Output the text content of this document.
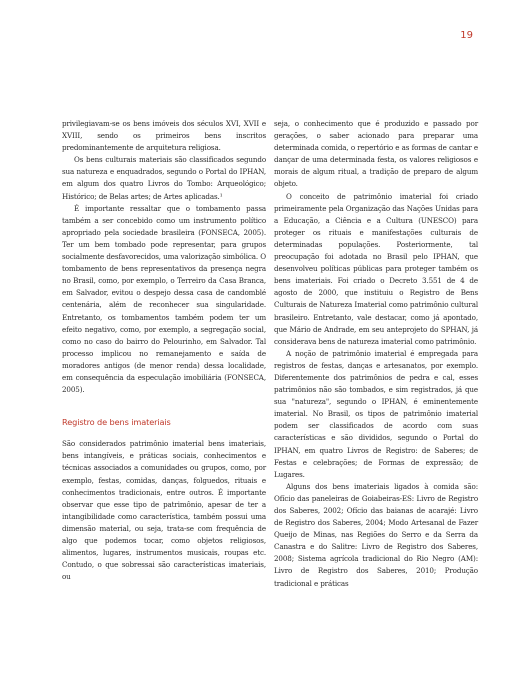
19

privilegiavam-se os bens imóveis dos séculos XVI, XVII e XVIII, sendo os primeiros bens inscritos predominantemente de arquitetura religiosa.

Os bens culturais materiais são classificados segundo sua natureza e enquadrados, segundo o Portal do IPHAN, em algum dos quatro Livros do Tombo: Arqueológico; Histórico; de Belas artes; de Artes aplicadas.¹

É importante ressaltar que o tombamento passa também a ser concebido como um instrumento político apropriado pela sociedade brasileira (FONSECA, 2005). Ter um bem tombado pode representar, para grupos socialmente desfavorecidos, uma valorização simbólica. O tombamento de bens representativos da presença negra no Brasil, como, por exemplo, o Terreiro da Casa Branca, em Salvador, evitou o despejo dessa casa de candomblé centenária, além de reconhecer sua singularidade. Entretanto, os tombamentos também podem ter um efeito negativo, como, por exemplo, a segregação social, como no caso do bairro do Pelourinho, em Salvador. Tal processo implicou no remanejamento e saída de moradores antigos (de menor renda) dessa localidade, em consequência da especulação imobiliária (FONSECA, 2005).

Registro de bens imateriais

São considerados patrimônio imaterial bens imateriais, bens intangíveis, e práticas sociais, conhecimentos e técnicas associados a comunidades ou grupos, como, por exemplo, festas, comidas, danças, folguedos, rituais e conhecimentos tradicionais, entre outros. É importante observar que esse tipo de patrimônio, apesar de ter a intangibilidade como característica, também possui uma dimensão material, ou seja, trata-se com frequência de algo que podemos tocar, como objetos religiosos, alimentos, lugares, instrumentos musicais, roupas etc. Contudo, o que sobressai são características imateriais, ou

seja, o conhecimento que é produzido e passado por gerações, o saber acionado para preparar uma determinada comida, o repertório e as formas de cantar e dançar de uma determinada festa, os valores religiosos e morais de algum ritual, a tradição de preparo de algum objeto.

O conceito de patrimônio imaterial foi criado primeiramente pela Organização das Nações Unidas para a Educação, a Ciência e a Cultura (UNESCO) para proteger os rituais e manifestações culturais de determinadas populações. Posteriormente, tal preocupação foi adotada no Brasil pelo IPHAN, que desenvolveu políticas públicas para proteger também os bens imateriais. Foi criado o Decreto 3.551 de 4 de agosto de 2000, que instituiu o Registro de Bens Culturais de Natureza Imaterial como patrimônio cultural brasileiro. Entretanto, vale destacar, como já apontado, que Mário de Andrade, em seu anteprojeto do SPHAN, já considerava bens de natureza imaterial como patrimônio.

A noção de patrimônio imaterial é empregada para registros de festas, danças e artesanatos, por exemplo. Diferentemente dos patrimônios de pedra e cal, esses patrimônios não são tombados, e sim registrados, já que sua "natureza", segundo o IPHAN, é eminentemente imaterial. No Brasil, os tipos de patrimônio imaterial podem ser classificados de acordo com suas características e são divididos, segundo o Portal do IPHAN, em quatro Livros de Registro: de Saberes; de Festas e celebrações; de Formas de expressão; de Lugares.

Alguns dos bens imateriais ligados à comida são: Ofício das paneleiras de Goiabeiras-ES: Livro de Registro dos Saberes, 2002; Ofício das baianas de acarajé: Livro de Registro dos Saberes, 2004; Modo Artesanal de Fazer Queijo de Minas, nas Regiões do Serro e da Serra da Canastra e do Salitre: Livro de Registro dos Saberes, 2008; Sistema agrícola tradicional do Rio Negro (AM): Livro de Registro dos Saberes, 2010; Produção tradicional e práticas
